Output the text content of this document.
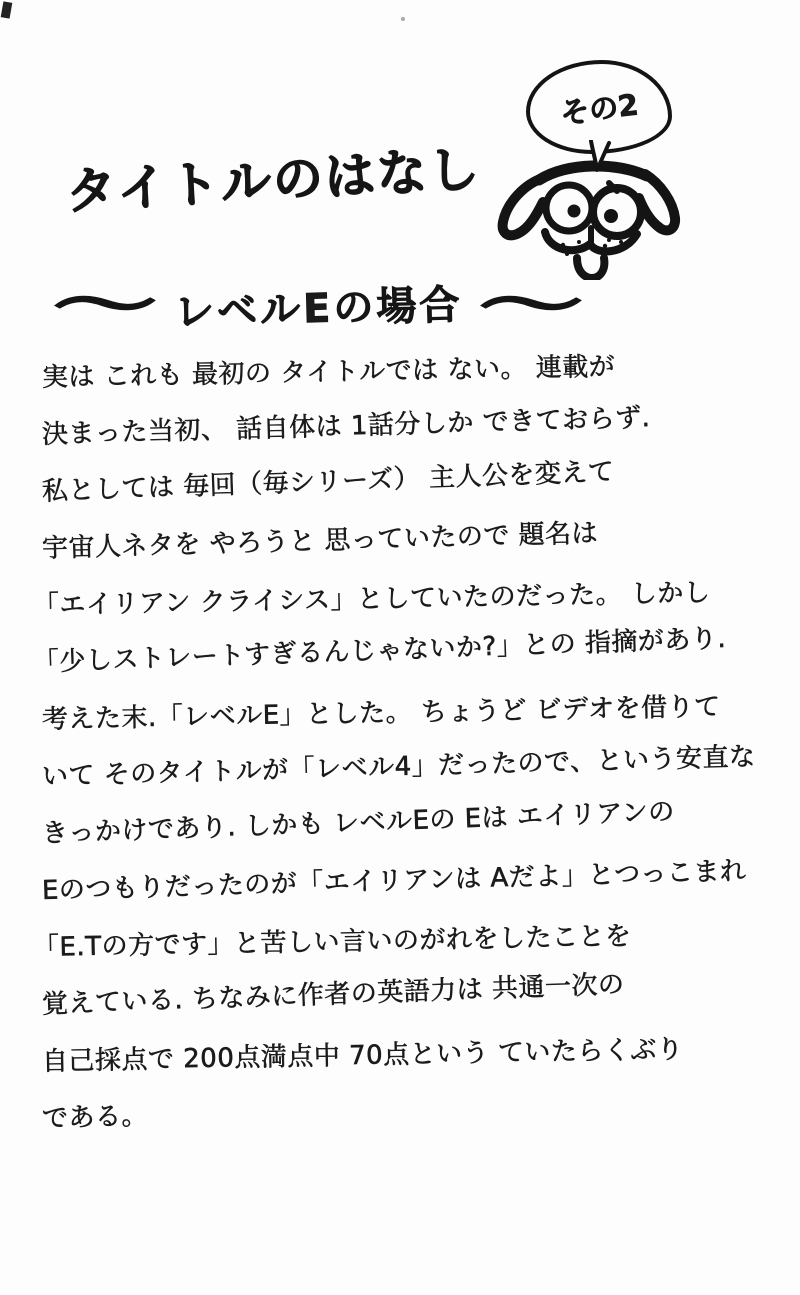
タイトルのはなし
その2
〜 レベルEの場合 〜

実は これも 最初の タイトルでは ない。 連載が

決まった当初、 話自体は 1話分しか できておらず.

私としては 毎回（毎シリーズ） 主人公を変えて

宇宙人ネタを やろうと 思っていたので 題名は

「エイリアン クライシス」としていたのだった。 しかし

「少しストレートすぎるんじゃないか?」との 指摘があり.

考えた末.「レベルE」とした。 ちょうど ビデオを借りて

いて そのタイトルが「レベル4」だったので、という安直な

きっかけであり. しかも レベルEの Eは エイリアンの

Eのつもりだったのが「エイリアンは Aだよ」とつっこまれ

「E.Tの方です」と苦しい言いのがれをしたことを

覚えている. ちなみに作者の英語力は 共通一次の

自己採点で 200点満点中 70点という ていたらくぶり

である。
